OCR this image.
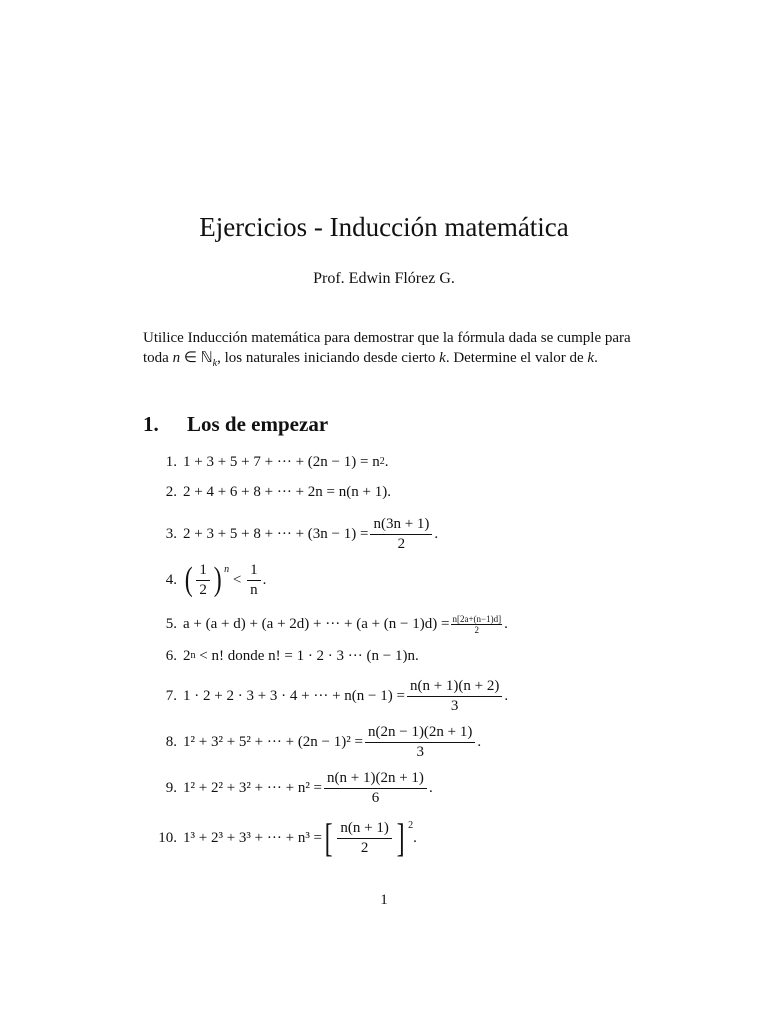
Ejercicios - Inducción matemática
Prof. Edwin Flórez G.

Utilice Inducción matemática para demostrar que la fórmula dada se cumple para toda n ∈ ℕ$_k$, los naturales iniciando desde cierto k. Determine el valor de k.

1. Los de empezar
1. 1 + 3 + 5 + 7 + ··· + (2n − 1) = n 2 .
2. 2 + 4 + 6 + 8 + ··· + 2n = n(n + 1).
3. 2 + 3 + 5 + 8 + ··· + $(3n - 1) = \frac{n(3n + 1)}{2}$ .
4. ( $\frac{1}{2}$ ) n
< $\frac{1}{n}$ .
5. a + (a + d) + (a + 2d) + ··· + $(a + (n - 1)d) = \frac{n[2a+(n-1)d]}{2}$ .
6. 2 n < n! donde n! = 1 · 2 · 3 ··· (n − 1)n.
7. 1 · 2 + 2 · 3 + 3 · 4 + ··· + $n(n - 1) = \frac{n(n + 1)(n + 2)}{3}$ .
8. 1² + 3² + 5² + ··· + $(2n - 1)^2 = \frac{n(2n - 1)(2n + 1)}{3}$ .
9. 1² + 2² + 3² + ··· + $n^2 = \frac{n(n + 1)(2n + 1)}{6}$ .
10. 1³ + 2³ + 3³ + ··· + n³ = [ $\frac{n(n + 1)}{2}$ ] 2
.
1
